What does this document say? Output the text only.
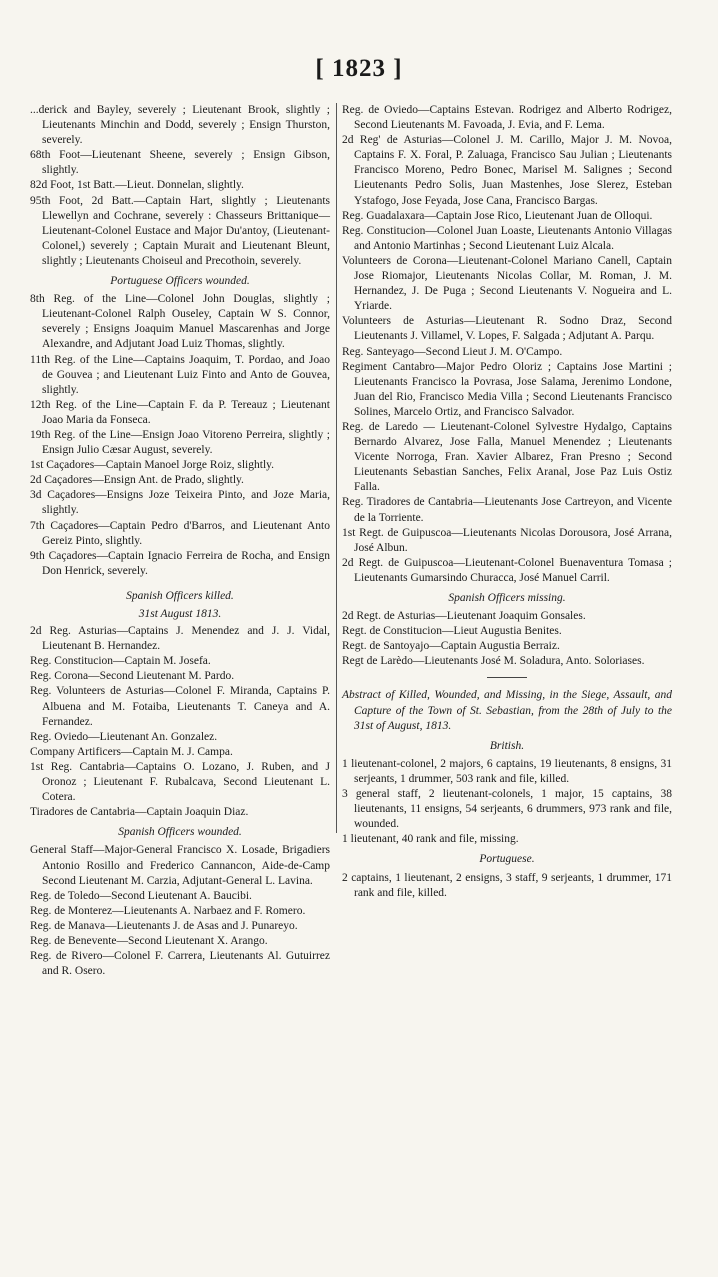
[ 1823 ]

...derick and Bayley, severely ; Lieutenant Brook, slightly ; Lieutenants Minchin and Dodd, severely ; Ensign Thurston, severely.

68th Foot—Lieutenant Sheene, severely ; Ensign Gibson, slightly.

82d Foot, 1st Batt.—Lieut. Donnelan, slightly.

95th Foot, 2d Batt.—Captain Hart, slightly ; Lieutenants Llewellyn and Cochrane, severely : Chasseurs Brittanique—Lieutenant-Colonel Eustace and Major Du'antoy, (Lieutenant-Colonel,) severely ; Captain Murait and Lieutenant Bleunt, slightly ; Lieutenants Choiseul and Precothoin, severely.

Portuguese Officers wounded.

8th Reg. of the Line—Colonel John Douglas, slightly ; Lieutenant-Colonel Ralph Ouseley, Captain W S. Connor, severely ; Ensigns Joaquim Manuel Mascarenhas and Jorge Alexandre, and Adjutant Joad Luiz Thomas, slightly.

11th Reg. of the Line—Captains Joaquim, T. Pordao, and Joao de Gouvea ; and Lieutenant Luiz Finto and Anto de Gouvea, slightly.

12th Reg. of the Line—Captain F. da P. Tereauz ; Lieutenant Joao Maria da Fonseca.

19th Reg. of the Line—Ensign Joao Vitoreno Perreira, slightly ; Ensign Julio Cæsar August, severely.

1st Caçadores—Captain Manoel Jorge Roiz, slightly.

2d Caçadores—Ensign Ant. de Prado, slightly.

3d Caçadores—Ensigns Joze Teixeira Pinto, and Joze Maria, slightly.

7th Caçadores—Captain Pedro d'Barros, and Lieutenant Anto Gereiz Pinto, slightly.

9th Caçadores—Captain Ignacio Ferreira de Rocha, and Ensign Don Henrick, severely.

Spanish Officers killed.
31st August 1813.

2d Reg. Asturias—Captains J. Menendez and J. J. Vidal, Lieutenant B. Hernandez.

Reg. Constitucion—Captain M. Josefa.

Reg. Corona—Second Lieutenant M. Pardo.

Reg. Volunteers de Asturias—Colonel F. Miranda, Captains P. Albuena and M. Fotaiba, Lieutenants T. Caneya and A. Fernandez.

Reg. Oviedo—Lieutenant An. Gonzalez.

Company Artificers—Captain M. J. Campa.

1st Reg. Cantabria—Captains O. Lozano, J. Ruben, and J Oronoz ; Lieutenant F. Rubalcava, Second Lieutenant L. Cotera.

Tiradores de Cantabria—Captain Joaquin Diaz.

Spanish Officers wounded.

General Staff—Major-General Francisco X. Losade, Brigadiers Antonio Rosillo and Frederico Cannancon, Aide-de-Camp Second Lieutenant M. Carzia, Adjutant-General L. Lavina.

Reg. de Toledo—Second Lieutenant A. Baucibi.

Reg. de Monterez—Lieutenants A. Narbaez and F. Romero.

Reg. de Manava—Lieutenants J. de Asas and J. Punareyo.

Reg. de Benevente—Second Lieutenant X. Arango.

Reg. de Rivero—Colonel F. Carrera, Lieutenants Al. Gutuirrez and R. Osero.

Reg. de Oviedo—Captains Estevan. Rodrigez and Alberto Rodrigez, Second Lieutenants M. Favoada, J. Evia, and F. Lema.

2d Reg' de Asturias—Colonel J. M. Carillo, Major J. M. Novoa, Captains F. X. Foral, P. Zaluaga, Francisco Sau Julian ; Lieutenants Francisco Moreno, Pedro Bonec, Marisel M. Salignes ; Second Lieutenants Pedro Solis, Juan Mastenhes, Jose Slerez, Esteban Ystafogo, Jose Feyada, Jose Cana, Francisco Bargas.

Reg. Guadalaxara—Captain Jose Rico, Lieutenant Juan de Olloqui.

Reg. Constitucion—Colonel Juan Loaste, Lieutenants Antonio Villagas and Antonio Martinhas ; Second Lieutenant Luiz Alcala.

Volunteers de Corona—Lieutenant-Colonel Mariano Canell, Captain Jose Riomajor, Lieutenants Nicolas Collar, M. Roman, J. M. Hernandez, J. De Puga ; Second Lieutenants V. Nogueira and L. Yriarde.

Volunteers de Asturias—Lieutenant R. Sodno Draz, Second Lieutenants J. Villamel, V. Lopes, F. Salgada ; Adjutant A. Parqu.

Reg. Santeyago—Second Lieut J. M. O'Campo.

Regiment Cantabro—Major Pedro Oloriz ; Captains Jose Martini ; Lieutenants Francisco la Povrasa, Jose Salama, Jerenimo Londone, Juan del Rio, Francisco Media Villa ; Second Lieutenants Francisco Solines, Marcelo Ortiz, and Francisco Salvador.

Reg. de Laredo — Lieutenant-Colonel Sylvestre Hydalgo, Captains Bernardo Alvarez, Jose Falla, Manuel Menendez ; Lieutenants Vicente Norroga, Fran. Xavier Albarez, Fran Presno ; Second Lieutenants Sebastian Sanches, Felix Aranal, Jose Paz Luis Ostiz Falla.

Reg. Tiradores de Cantabria—Lieutenants Jose Cartreyon, and Vicente de la Torriente.

1st Regt. de Guipuscoa—Lieutenants Nicolas Dorousora, José Arrana, José Albun.

2d Regt. de Guipuscoa—Lieutenant-Colonel Buenaventura Tomasa ; Lieutenants Gumarsindo Churacca, José Manuel Carril.

Spanish Officers missing.

2d Regt. de Asturias—Lieutenant Joaquim Gonsales.

Regt. de Constitucion—Lieut Augustia Benites.

Regt. de Santoyajo—Captain Augustia Berraiz.

Regt de Larèdo—Lieutenants José M. Soladura, Anto. Soloriases.

Abstract of Killed, Wounded, and Missing, in the Siege, Assault, and Capture of the Town of St. Sebastian, from the 28th of July to the 31st of August, 1813.

British.

1 lieutenant-colonel, 2 majors, 6 captains, 19 lieutenants, 8 ensigns, 31 serjeants, 1 drummer, 503 rank and file, killed.

3 general staff, 2 lieutenant-colonels, 1 major, 15 captains, 38 lieutenants, 11 ensigns, 54 serjeants, 6 drummers, 973 rank and file, wounded.

1 lieutenant, 40 rank and file, missing.

Portuguese.

2 captains, 1 lieutenant, 2 ensigns, 3 staff, 9 serjeants, 1 drummer, 171 rank and file, killed.
